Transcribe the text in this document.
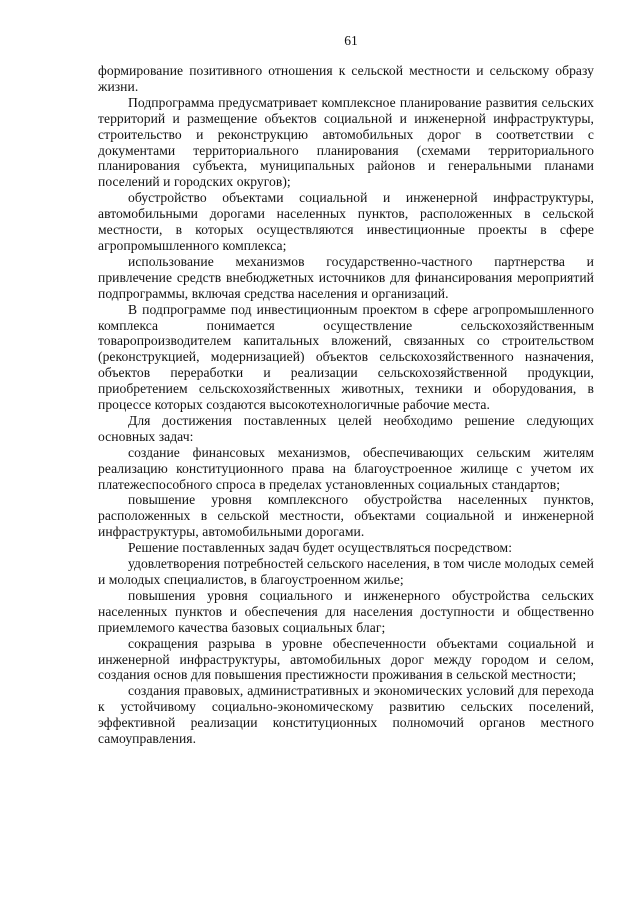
61

формирование позитивного отношения к сельской местности и сельскому образу жизни.

Подпрограмма предусматривает комплексное планирование развития сельских территорий и размещение объектов социальной и инженерной инфраструктуры, строительство и реконструкцию автомобильных дорог в соответствии с документами территориального планирования (схемами территориального планирования субъекта, муниципальных районов и генеральными планами поселений и городских округов);

обустройство объектами социальной и инженерной инфраструктуры, автомобильными дорогами населенных пунктов, расположенных в сельской местности, в которых осуществляются инвестиционные проекты в сфере агропромышленного комплекса;

использование механизмов государственно-частного партнерства и привлечение средств внебюджетных источников для финансирования мероприятий подпрограммы, включая средства населения и организаций.

В подпрограмме под инвестиционным проектом в сфере агропромышленного комплекса понимается осуществление сельскохозяйственным товаропроизводителем капитальных вложений, связанных со строительством (реконструкцией, модернизацией) объектов сельскохозяйственного назначения, объектов переработки и реализации сельскохозяйственной продукции, приобретением сельскохозяйственных животных, техники и оборудования, в процессе которых создаются высокотехнологичные рабочие места.

Для достижения поставленных целей необходимо решение следующих основных задач:

создание финансовых механизмов, обеспечивающих сельским жителям реализацию конституционного права на благоустроенное жилище с учетом их платежеспособного спроса в пределах установленных социальных стандартов;

повышение уровня комплексного обустройства населенных пунктов, расположенных в сельской местности, объектами социальной и инженерной инфраструктуры, автомобильными дорогами.

Решение поставленных задач будет осуществляться посредством:

удовлетворения потребностей сельского населения, в том числе молодых семей и молодых специалистов, в благоустроенном жилье;

повышения уровня социального и инженерного обустройства сельских населенных пунктов и обеспечения для населения доступности и общественно приемлемого качества базовых социальных благ;

сокращения разрыва в уровне обеспеченности объектами социальной и инженерной инфраструктуры, автомобильных дорог между городом и селом, создания основ для повышения престижности проживания в сельской местности;

создания правовых, административных и экономических условий для перехода к устойчивому социально-экономическому развитию сельских поселений, эффективной реализации конституционных полномочий органов местного самоуправления.
